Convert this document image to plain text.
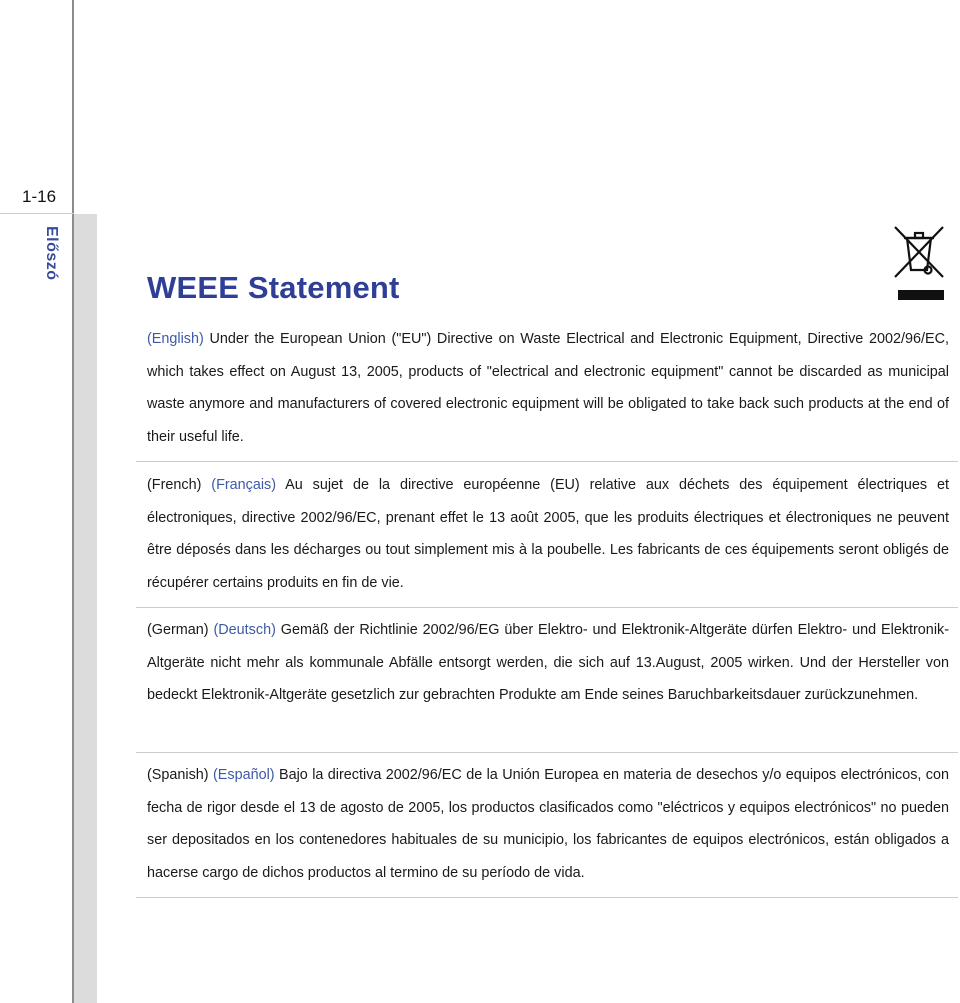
1-16
Előszó
WEEE Statement

(English) Under the European Union ("EU") Directive on Waste Electrical and Electronic Equipment, Directive 2002/96/EC, which takes effect on August 13, 2005, products of "electrical and electronic equipment" cannot be discarded as municipal waste anymore and manufacturers of covered electronic equipment will be obligated to take back such products at the end of their useful life.

(French) (Français) Au sujet de la directive européenne (EU) relative aux déchets des équipement électriques et électroniques, directive 2002/96/EC, prenant effet le 13 août 2005, que les produits électriques et électroniques ne peuvent être déposés dans les décharges ou tout simplement mis à la poubelle. Les fabricants de ces équipements seront obligés de récupérer certains produits en fin de vie.

(German) (Deutsch) Gemäß der Richtlinie 2002/96/EG über Elektro- und Elektronik-Altgeräte dürfen Elektro- und Elektronik-Altgeräte nicht mehr als kommunale Abfälle entsorgt werden, die sich auf 13.August, 2005 wirken. Und der Hersteller von bedeckt Elektronik-Altgeräte gesetzlich zur gebrachten Produkte am Ende seines Baruchbarkeitsdauer zurückzunehmen.

(Spanish) (Español) Bajo la directiva 2002/96/EC de la Unión Europea en materia de desechos y/o equipos electrónicos, con fecha de rigor desde el 13 de agosto de 2005, los productos clasificados como "eléctricos y equipos electrónicos" no pueden ser depositados en los contenedores habituales de su municipio, los fabricantes de equipos electrónicos, están obligados a hacerse cargo de dichos productos al termino de su período de vida.
